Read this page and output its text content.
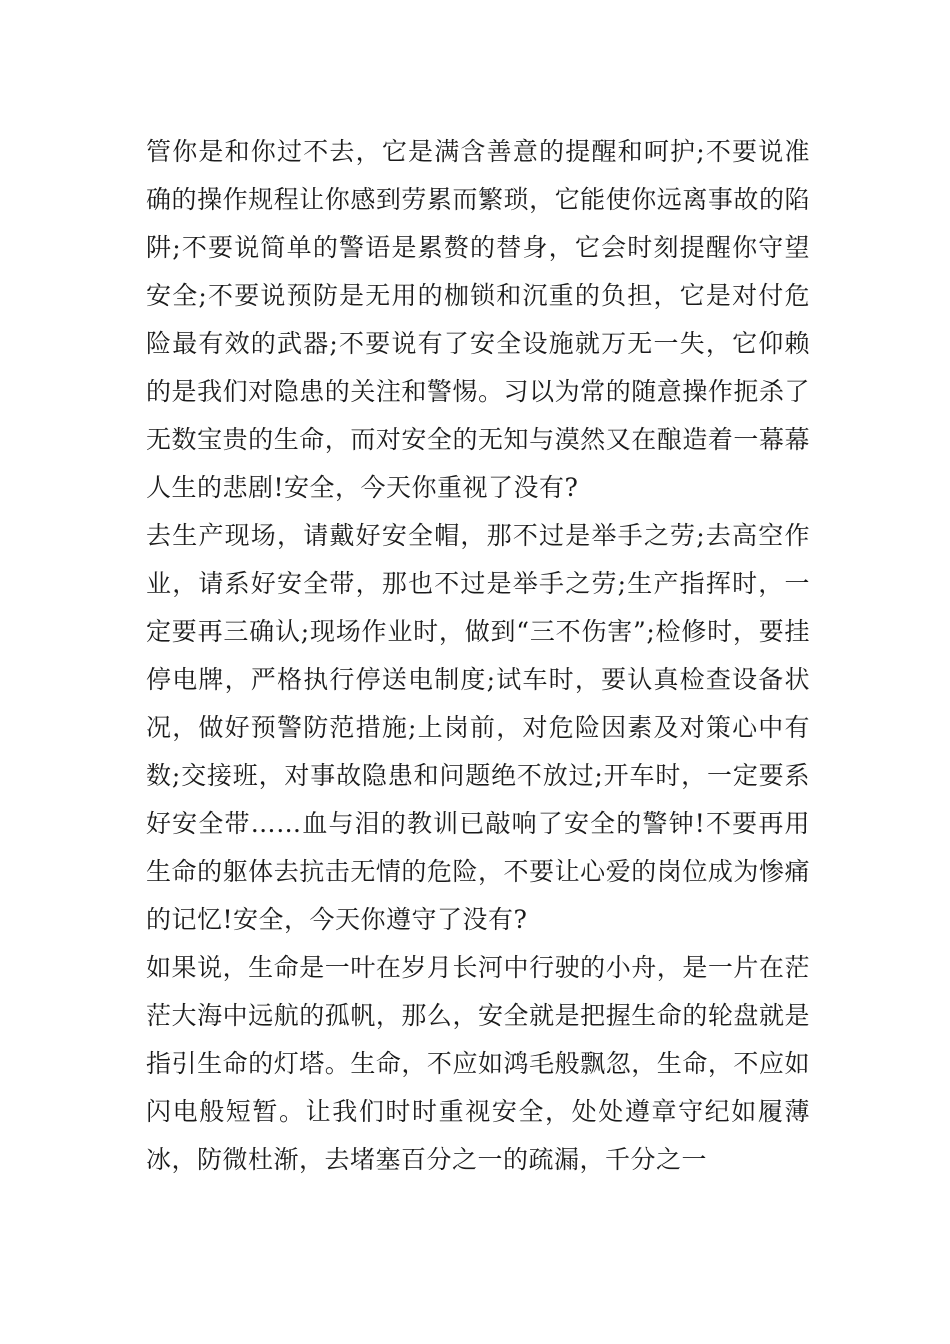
管你是和你过不去，它是满含善意的提醒和呵护;不要说准确的操作规程让你感到劳累而繁琐，它能使你远离事故的陷阱;不要说简单的警语是累赘的替身，它会时刻提醒你守望安全;不要说预防是无用的枷锁和沉重的负担，它是对付危险最有效的武器;不要说有了安全设施就万无一失，它仰赖的是我们对隐患的关注和警惕。习以为常的随意操作扼杀了无数宝贵的生命，而对安全的无知与漠然又在酿造着一幕幕人生的悲剧!安全，今天你重视了没有?

去生产现场，请戴好安全帽，那不过是举手之劳;去高空作业，请系好安全带，那也不过是举手之劳;生产指挥时，一定要再三确认;现场作业时，做到“三不伤害”;检修时，要挂停电牌，严格执行停送电制度;试车时，要认真检查设备状况，做好预警防范措施;上岗前，对危险因素及对策心中有数;交接班，对事故隐患和问题绝不放过;开车时，一定要系好安全带……血与泪的教训已敲响了安全的警钟!不要再用生命的躯体去抗击无情的危险，不要让心爱的岗位成为惨痛的记忆!安全，今天你遵守了没有?

如果说，生命是一叶在岁月长河中行驶的小舟，是一片在茫茫大海中远航的孤帆，那么，安全就是把握生命的轮盘就是指引生命的灯塔。生命，不应如鸿毛般飘忽，生命，不应如闪电般短暂。让我们时时重视安全，处处遵章守纪如履薄冰，防微杜渐，去堵塞百分之一的疏漏，千分之一
